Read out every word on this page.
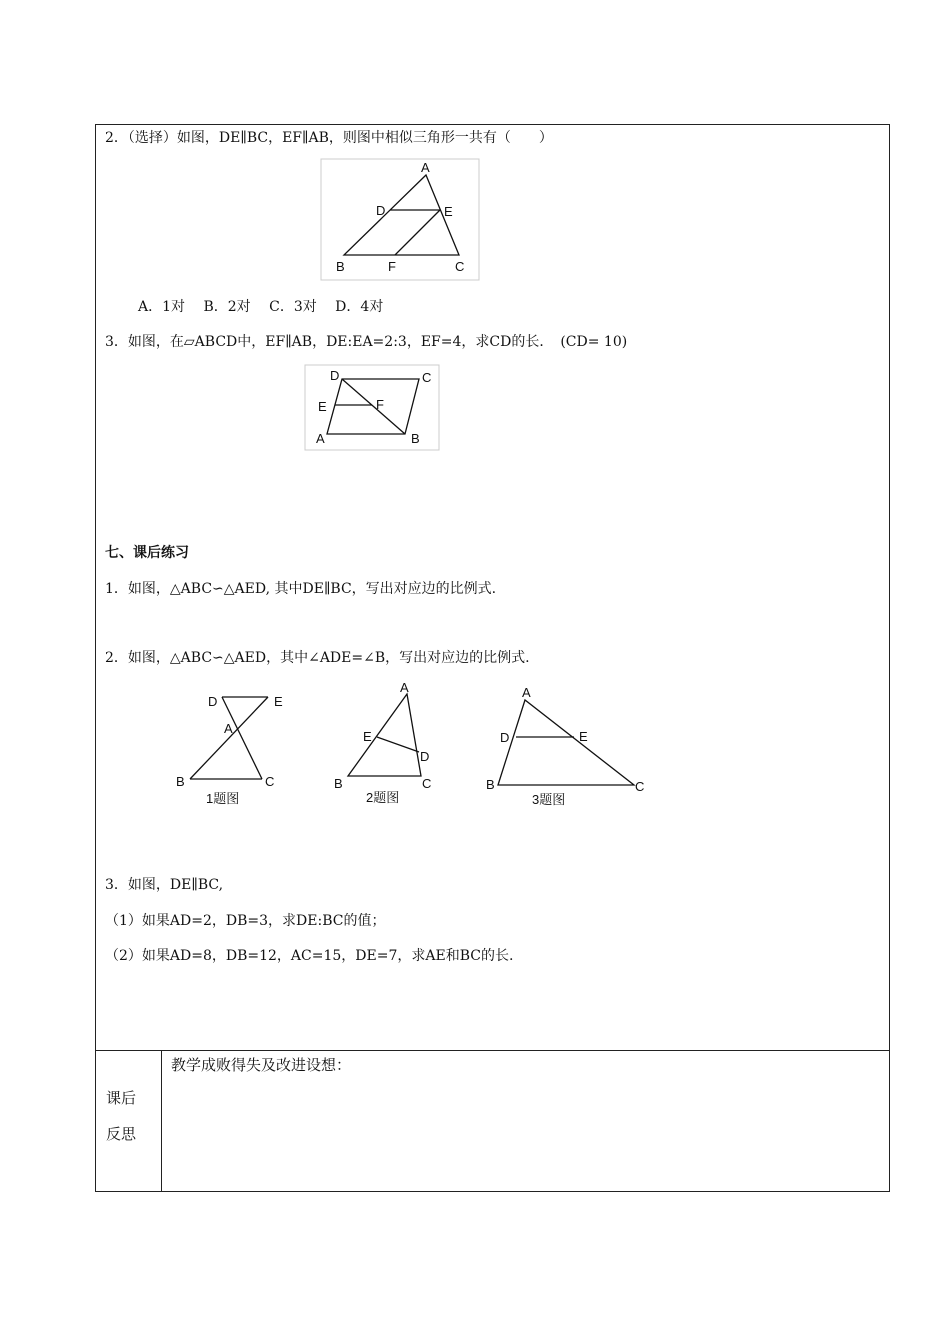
2．（选择）如图，DE∥BC，EF∥AB，则图中相似三角形一共有（　　）
A
D	E
B	F	C
A．1对　 B．2对　 C．3对　 D．4对
3．如图，在▱ABCD中，EF∥AB，DE:EA=2:3，EF=4，求CD的长．　(CD= 10)
D	C
E	F
A	B
七、课后练习
1．如图，△ABC∽△AED, 其中DE∥BC，写出对应边的比例式.
2．如图，△ABC∽△AED，其中∠ADE=∠B，写出对应边的比例式.
D	E
A
B	C
1题图
A
E
D
B	C
2题图
A
D	E
B	C
3题图
3．如图，DE∥BC,
（1）如果AD=2，DB=3，求DE:BC的值；
（2）如果AD=8，DB=12，AC=15，DE=7，求AE和BC的长.
课后
反思
教学成败得失及改进设想：
